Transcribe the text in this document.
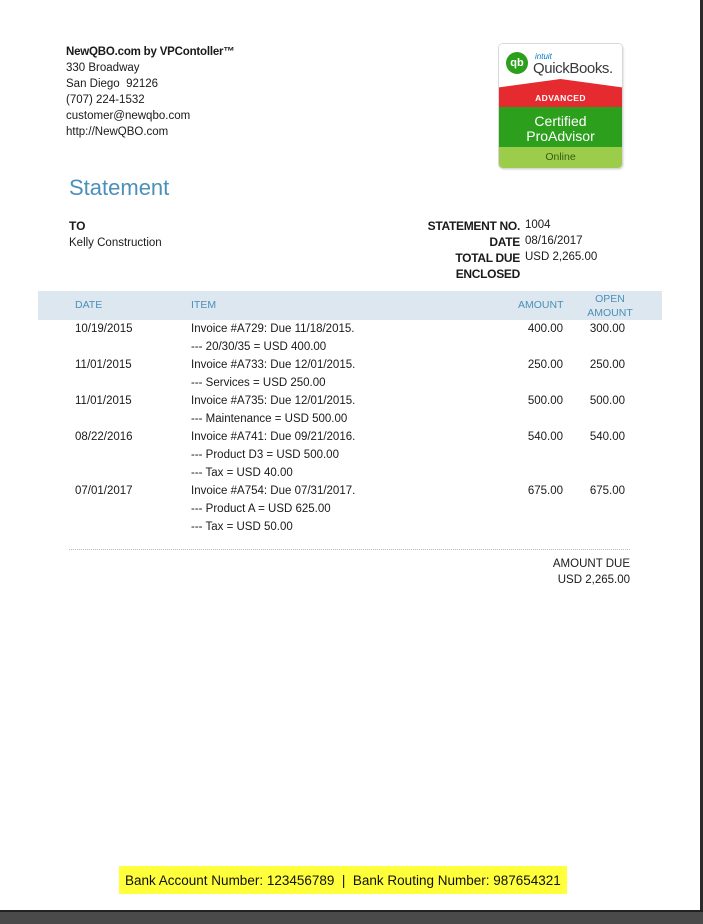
NewQBO.com by VPContoller™
330 Broadway
San Diego  92126
(707) 224-1532
customer@newqbo.com
http://NewQBO.com
qb
intuit
QuickBooks.
ADVANCED
Certified
ProAdvisor
Online
Statement
TO
Kelly Construction
STATEMENT NO. 1004
DATE 08/16/2017
TOTAL DUE USD 2,265.00
ENCLOSED
DATE	ITEM	AMOUNT	OPEN
AMOUNT
10/19/2015	Invoice #A729: Due 11/18/2015.
--- 20/30/35 = USD 400.00
400.00	300.00
11/01/2015	Invoice #A733: Due 12/01/2015.
--- Services = USD 250.00
250.00	250.00
11/01/2015	Invoice #A735: Due 12/01/2015.
--- Maintenance = USD 500.00
500.00	500.00
08/22/2016	Invoice #A741: Due 09/21/2016.
--- Product D3 = USD 500.00
--- Tax = USD 40.00
540.00	540.00
07/01/2017	Invoice #A754: Due 07/31/2017.
--- Product A = USD 625.00
--- Tax = USD 50.00
675.00	675.00
AMOUNT DUE
USD 2,265.00
Bank Account Number: 123456789  |  Bank Routing Number: 987654321
